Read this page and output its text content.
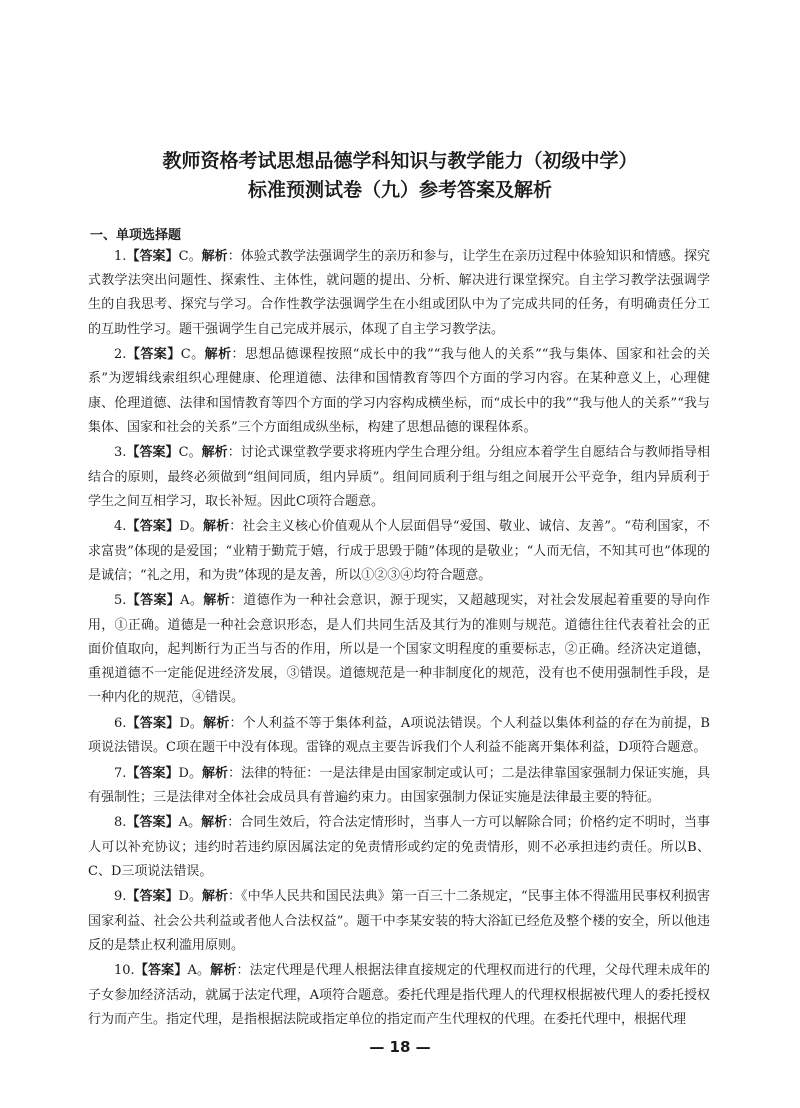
教师资格考试思想品德学科知识与教学能力（初级中学）
标准预测试卷（九）参考答案及解析
一、单项选择题

1.【答案】C。解析：体验式教学法强调学生的亲历和参与，让学生在亲历过程中体验知识和情感。探究式教学法突出问题性、探索性、主体性，就问题的提出、分析、解决进行课堂探究。自主学习教学法强调学生的自我思考、探究与学习。合作性教学法强调学生在小组或团队中为了完成共同的任务，有明确责任分工的互助性学习。题干强调学生自己完成并展示，体现了自主学习教学法。

2.【答案】C。解析：思想品德课程按照“成长中的我”“我与他人的关系”“我与集体、国家和社会的关系”为逻辑线索组织心理健康、伦理道德、法律和国情教育等四个方面的学习内容。在某种意义上，心理健康、伦理道德、法律和国情教育等四个方面的学习内容构成横坐标，而“成长中的我”“我与他人的关系”“我与集体、国家和社会的关系”三个方面组成纵坐标，构建了思想品德的课程体系。

3.【答案】C。解析：讨论式课堂教学要求将班内学生合理分组。分组应本着学生自愿结合与教师指导相结合的原则，最终必须做到“组间同质，组内异质”。组间同质利于组与组之间展开公平竞争，组内异质利于学生之间互相学习，取长补短。因此C项符合题意。

4.【答案】D。解析：社会主义核心价值观从个人层面倡导“爱国、敬业、诚信、友善”。“苟利国家，不求富贵”体现的是爱国；“业精于勤荒于嬉，行成于思毁于随”体现的是敬业；“人而无信，不知其可也”体现的是诚信；“礼之用，和为贵”体现的是友善，所以①②③④均符合题意。

5.【答案】A。解析：道德作为一种社会意识，源于现实，又超越现实，对社会发展起着重要的导向作用，①正确。道德是一种社会意识形态，是人们共同生活及其行为的准则与规范。道德往往代表着社会的正面价值取向，起判断行为正当与否的作用，所以是一个国家文明程度的重要标志，②正确。经济决定道德，重视道德不一定能促进经济发展，③错误。道德规范是一种非制度化的规范，没有也不使用强制性手段，是一种内化的规范，④错误。

6.【答案】D。解析：个人利益不等于集体利益，A项说法错误。个人利益以集体利益的存在为前提，B项说法错误。C项在题干中没有体现。雷锋的观点主要告诉我们个人利益不能离开集体利益，D项符合题意。

7.【答案】D。解析：法律的特征：一是法律是由国家制定或认可；二是法律靠国家强制力保证实施，具有强制性；三是法律对全体社会成员具有普遍约束力。由国家强制力保证实施是法律最主要的特征。

8.【答案】A。解析：合同生效后，符合法定情形时，当事人一方可以解除合同；价格约定不明时，当事人可以补充协议；违约时若违约原因属法定的免责情形或约定的免责情形，则不必承担违约责任。所以B、C、D三项说法错误。

9.【答案】D。解析：《中华人民共和国民法典》第一百三十二条规定，“民事主体不得滥用民事权利损害国家利益、社会公共利益或者他人合法权益”。题干中李某安装的特大浴缸已经危及整个楼的安全，所以他违反的是禁止权利滥用原则。

10.【答案】A。解析：法定代理是代理人根据法律直接规定的代理权而进行的代理，父母代理未成年的子女参加经济活动，就属于法定代理，A项符合题意。委托代理是指代理人的代理权根据被代理人的委托授权行为而产生。指定代理，是指根据法院或指定单位的指定而产生代理权的代理。在委托代理中，根据代理

— 18 —
